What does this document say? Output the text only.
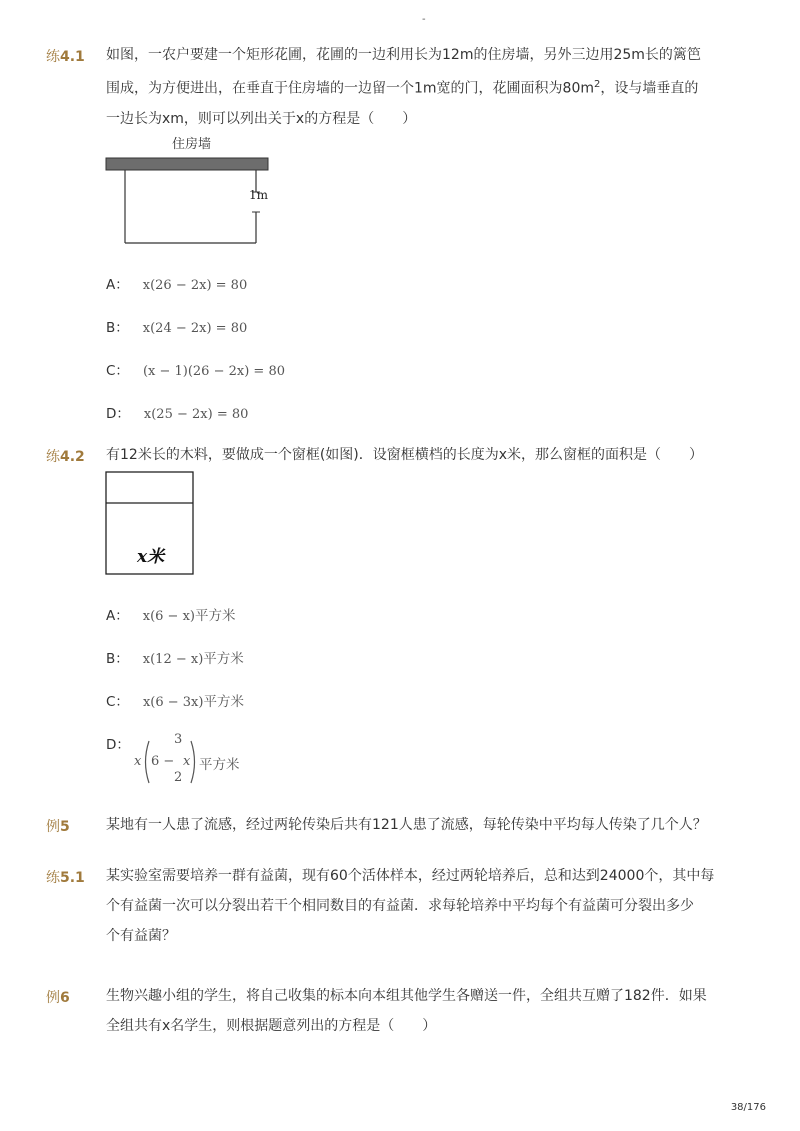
-
练4.1 如图，一农户要建一个矩形花圃，花圃的一边利用长为12m的住房墙，另外三边用25m长的篱笆
围成，为方便进出，在垂直于住房墙的一边留一个1m宽的门，花圃面积为$80m^2$，设与墙垂直的
一边长为xm，则可以列出关于x的方程是（　　）
住房墙
1m
A： x(26 − 2x) = 80
B： x(24 − 2x) = 80
C： (x − 1)(26 − 2x) = 80
D： x(25 − 2x) = 80
练4.2 有12米长的木料，要做成一个窗框(如图)．设窗框横档的长度为x米，那么窗框的面积是（　　）
x米
A： x(6 − x)平方米
B： x(12 − x)平方米
C： x(6 − 3x)平方米
D：
x 6 −
3
2
x 平方米
例5	某地有一人患了流感，经过两轮传染后共有121人患了流感，每轮传染中平均每人传染了几个人？
练5.1 某实验室需要培养一群有益菌，现有60个活体样本，经过两轮培养后，总和达到24000个，其中每
个有益菌一次可以分裂出若干个相同数目的有益菌．求每轮培养中平均每个有益菌可分裂出多少
个有益菌？
例6	生物兴趣小组的学生，将自己收集的标本向本组其他学生各赠送一件，全组共互赠了182件．如果
全组共有x名学生，则根据题意列出的方程是（　　）
38/176
